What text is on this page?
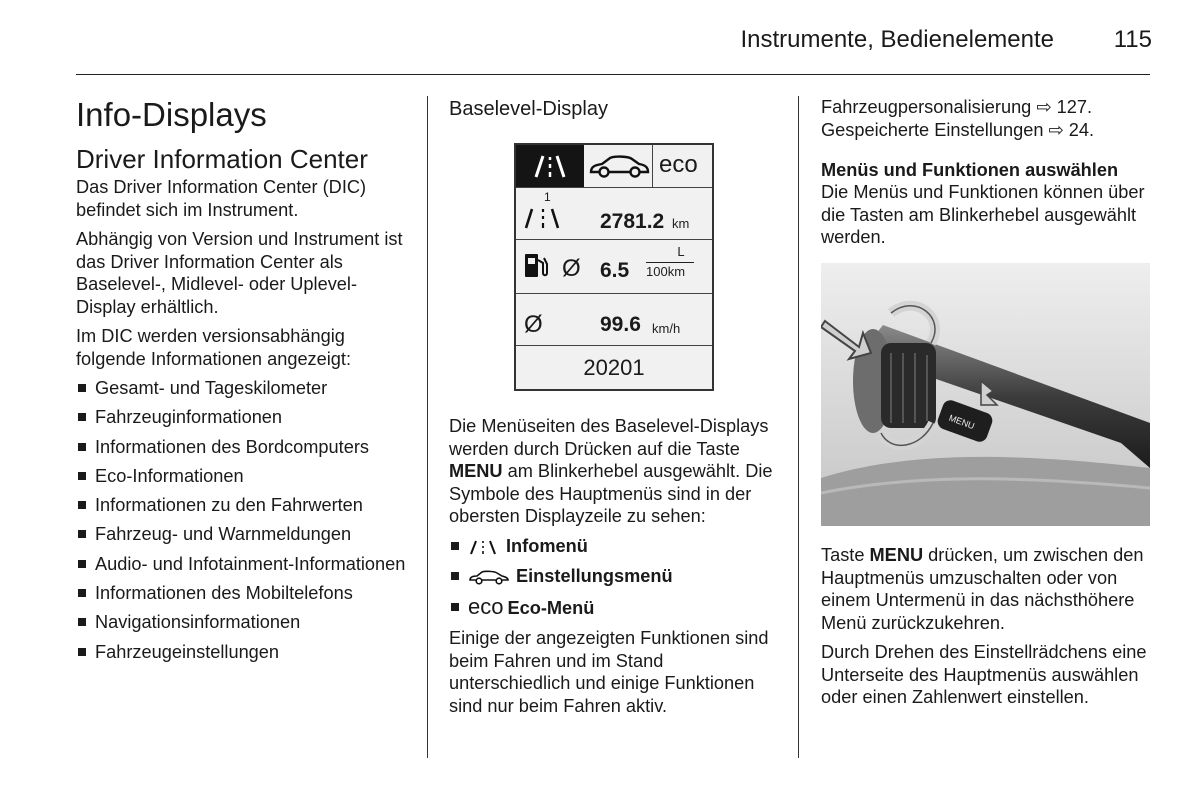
Instrumente, Bedienelemente 115
Info-Displays
Driver Information Center

Das Driver Information Center (DIC) befindet sich im Instrument.

Abhängig von Version und Instrument ist das Driver Information Center als Baselevel-, Midlevel- oder Uplevel-Display erhältlich.

Im DIC werden versionsabhängig folgende Informationen angezeigt:

Gesamt- und Tageskilometer
Fahrzeuginformationen
Informationen des Bordcomputers
Eco-Informationen
Informationen zu den Fahrwerten
Fahrzeug- und Warnmeldungen
Audio- und Infotainment-Informationen
Informationen des Mobiltelefons
Navigationsinformationen
Fahrzeugeinstellungen
Baselevel-Display
eco
1
2781.2 km
Ø 6.5
L
100km
Ø	99.6 km/h
20201

Die Menüseiten des Baselevel-Displays werden durch Drücken auf die Taste MENU am Blinkerhebel ausgewählt. Die Symbole des Hauptmenüs sind in der obersten Displayzeile zu sehen:

Infomenü
Einstellungsmenü
eco Eco-Menü

Einige der angezeigten Funktionen sind beim Fahren und im Stand unterschiedlich und einige Funktionen sind nur beim Fahren aktiv.

Fahrzeugpersonalisierung ⇨ 127.
Gespeicherte Einstellungen ⇨ 24.
Menüs und Funktionen auswählen

Die Menüs und Funktionen können über die Tasten am Blinkerhebel ausgewählt werden.

MENU

Taste MENU drücken, um zwischen den Hauptmenüs umzuschalten oder von einem Untermenü in das nächsthöhere Menü zurückzukehren.

Durch Drehen des Einstellrädchens eine Unterseite des Hauptmenüs auswählen oder einen Zahlenwert einstellen.
